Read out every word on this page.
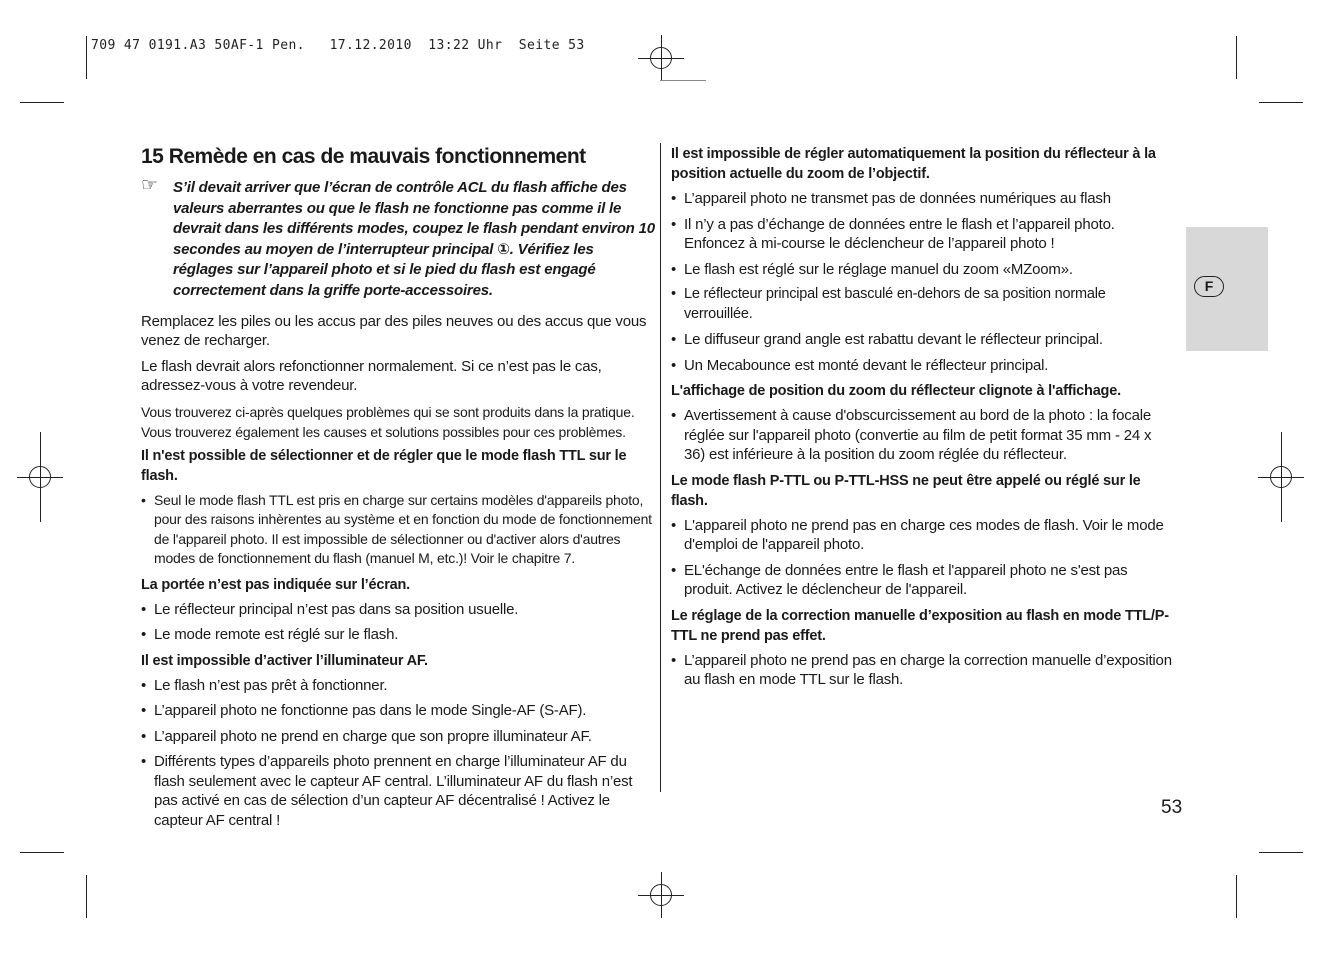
709 47 0191.A3 50AF-1 Pen.   17.12.2010  13:22 Uhr  Seite 53
15 Remède en cas de mauvais fonctionnement
☞ S’il devait arriver que l’écran de contrôle ACL du flash affiche des valeurs aberrantes ou que le flash ne fonctionne pas comme il le devrait dans les différents modes, coupez le flash pendant environ 10 secondes au moyen de l’interrupteur principal ①. Vérifiez les réglages sur l’appareil photo et si le pied du flash est engagé correctement dans la griffe porte-accessoires.

Remplacez les piles ou les accus par des piles neuves ou des accus que vous venez de recharger.

Le flash devrait alors refonctionner normalement. Si ce n’est pas le cas, adressez-vous à votre revendeur.

Vous trouverez ci-après quelques problèmes qui se sont produits dans la pratique.

Vous trouverez également les causes et solutions possibles pour ces problèmes.

Il n'est possible de sélectionner et de régler que le mode flash TTL sur le flash.
• Seul le mode flash TTL est pris en charge sur certains modèles d'appareils photo, pour des raisons inhèrentes au système et en fonction du mode de fonctionnement de l'appareil photo. Il est impossible de sélectionner ou d'activer alors d'autres modes de fonctionnement du flash (manuel M, etc.)! Voir le chapitre 7.
La portée n’est pas indiquée sur l’écran.
• Le réflecteur principal n’est pas dans sa position usuelle.
• Le mode remote est réglé sur le flash.
Il est impossible d’activer l’illuminateur AF.
• Le flash n’est pas prêt à fonctionner.
• L’appareil photo ne fonctionne pas dans le mode Single-AF (S-AF).
• L’appareil photo ne prend en charge que son propre illuminateur AF.
• Différents types d’appareils photo prennent en charge l’illuminateur AF du flash seulement avec le capteur AF central. L’illuminateur AF du flash n’est pas activé en cas de sélection d’un capteur AF décentralisé ! Activez le capteur AF central !
Il est impossible de régler automatiquement la position du réflecteur à la position actuelle du zoom de l’objectif.
• L’appareil photo ne transmet pas de données numériques au flash
• Il n’y a pas d’échange de données entre le flash et l’appareil photo. Enfoncez à mi-course le déclencheur de l’appareil photo !
• Le flash est réglé sur le réglage manuel du zoom «MZoom».
• Le réflecteur principal est basculé en-dehors de sa position normale verrouillée.
• Le diffuseur grand angle est rabattu devant le réflecteur principal.
• Un Mecabounce est monté devant le réflecteur principal.
L'affichage de position du zoom du réflecteur clignote à l'affichage.
• Avertissement à cause d'obscurcissement au bord de la photo : la focale réglée sur l'appareil photo (convertie au film de petit format 35 mm - 24 x 36) est inférieure à la position du zoom réglée du réflecteur.
Le mode flash P-TTL ou P-TTL-HSS ne peut être appelé ou réglé sur le flash.
• L'appareil photo ne prend pas en charge ces modes de flash. Voir le mode d'emploi de l'appareil photo.
• EL'échange de données entre le flash et l'appareil photo ne s'est pas produit. Activez le déclencheur de l'appareil.
Le réglage de la correction manuelle d’exposition au flash en mode TTL/P-TTL ne prend pas effet.
• L’appareil photo ne prend pas en charge la correction manuelle d’exposition au flash en mode TTL sur le flash.
F
53
